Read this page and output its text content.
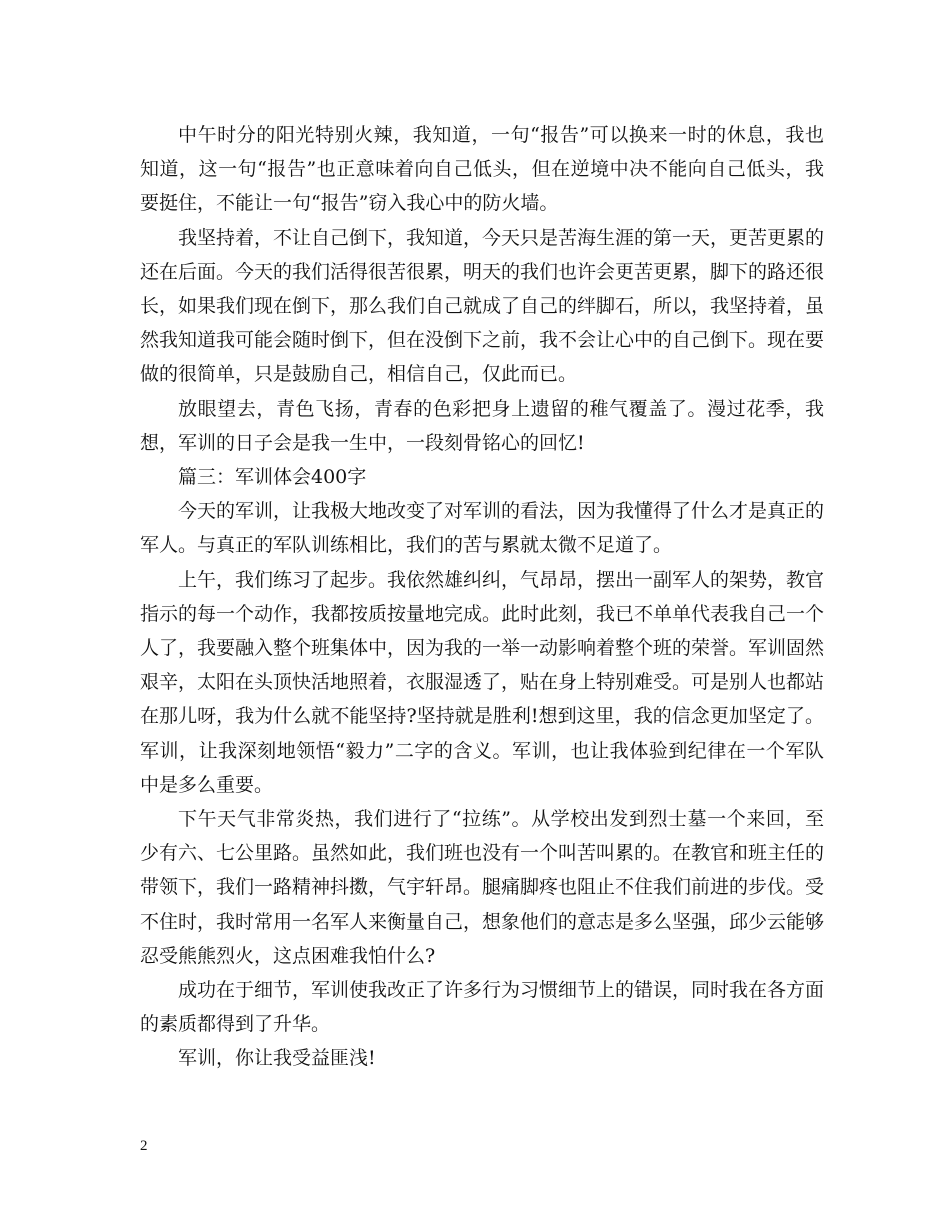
中午时分的阳光特别火辣，我知道，一句“报告”可以换来一时的休息，我也知道，这一句“报告”也正意味着向自己低头，但在逆境中决不能向自己低头，我要挺住，不能让一句“报告”窃入我心中的防火墙。

我坚持着，不让自己倒下，我知道，今天只是苦海生涯的第一天，更苦更累的还在后面。今天的我们活得很苦很累，明天的我们也许会更苦更累，脚下的路还很长，如果我们现在倒下，那么我们自己就成了自己的绊脚石，所以，我坚持着，虽然我知道我可能会随时倒下，但在没倒下之前，我不会让心中的自己倒下。现在要做的很简单，只是鼓励自己，相信自己，仅此而已。

放眼望去，青色飞扬，青春的色彩把身上遗留的稚气覆盖了。漫过花季，我想，军训的日子会是我一生中，一段刻骨铭心的回忆!

篇三：军训体会400字

今天的军训，让我极大地改变了对军训的看法，因为我懂得了什么才是真正的军人。与真正的军队训练相比，我们的苦与累就太微不足道了。

上午，我们练习了起步。我依然雄纠纠，气昂昂，摆出一副军人的架势，教官指示的每一个动作，我都按质按量地完成。此时此刻，我已不单单代表我自己一个人了，我要融入整个班集体中，因为我的一举一动影响着整个班的荣誉。军训固然艰辛，太阳在头顶快活地照着，衣服湿透了，贴在身上特别难受。可是别人也都站在那儿呀，我为什么就不能坚持?坚持就是胜利!想到这里，我的信念更加坚定了。军训，让我深刻地领悟“毅力”二字的含义。军训，也让我体验到纪律在一个军队中是多么重要。

下午天气非常炎热，我们进行了“拉练”。从学校出发到烈士墓一个来回，至少有六、七公里路。虽然如此，我们班也没有一个叫苦叫累的。在教官和班主任的带领下，我们一路精神抖擞，气宇轩昂。腿痛脚疼也阻止不住我们前进的步伐。受不住时，我时常用一名军人来衡量自己，想象他们的意志是多么坚强，邱少云能够忍受熊熊烈火，这点困难我怕什么?

成功在于细节，军训使我改正了许多行为习惯细节上的错误，同时我在各方面的素质都得到了升华。

军训，你让我受益匪浅!

2
